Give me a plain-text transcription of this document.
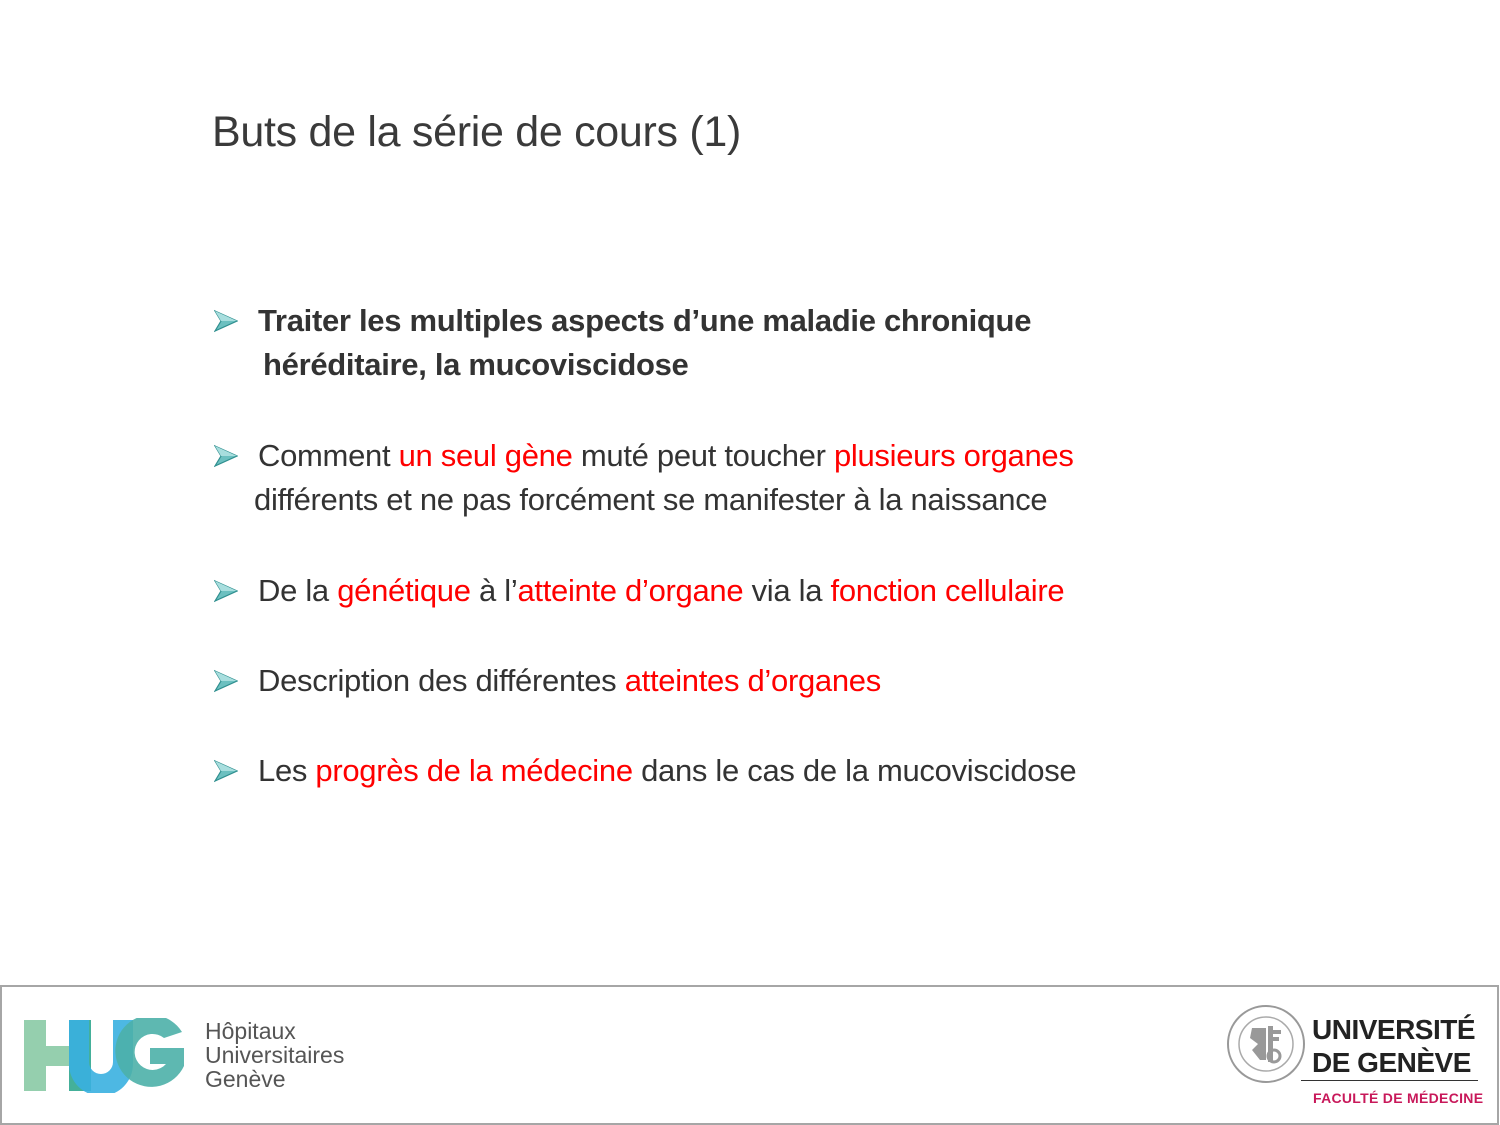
Buts de la série de cours (1)
Traiter les multiples aspects d’une maladie chronique
héréditaire, la mucoviscidose
Comment un seul gène muté peut toucher plusieurs organes
différents et ne pas forcément se manifester à la naissance
De la génétique à l’atteinte d’organe via la fonction cellulaire
Description des différentes atteintes d’organes
Les progrès de la médecine dans le cas de la mucoviscidose
Hôpitaux
Universitaires
Genève
UNIVERSITÉ
DE GENÈVE
FACULTÉ DE MÉDECINE
